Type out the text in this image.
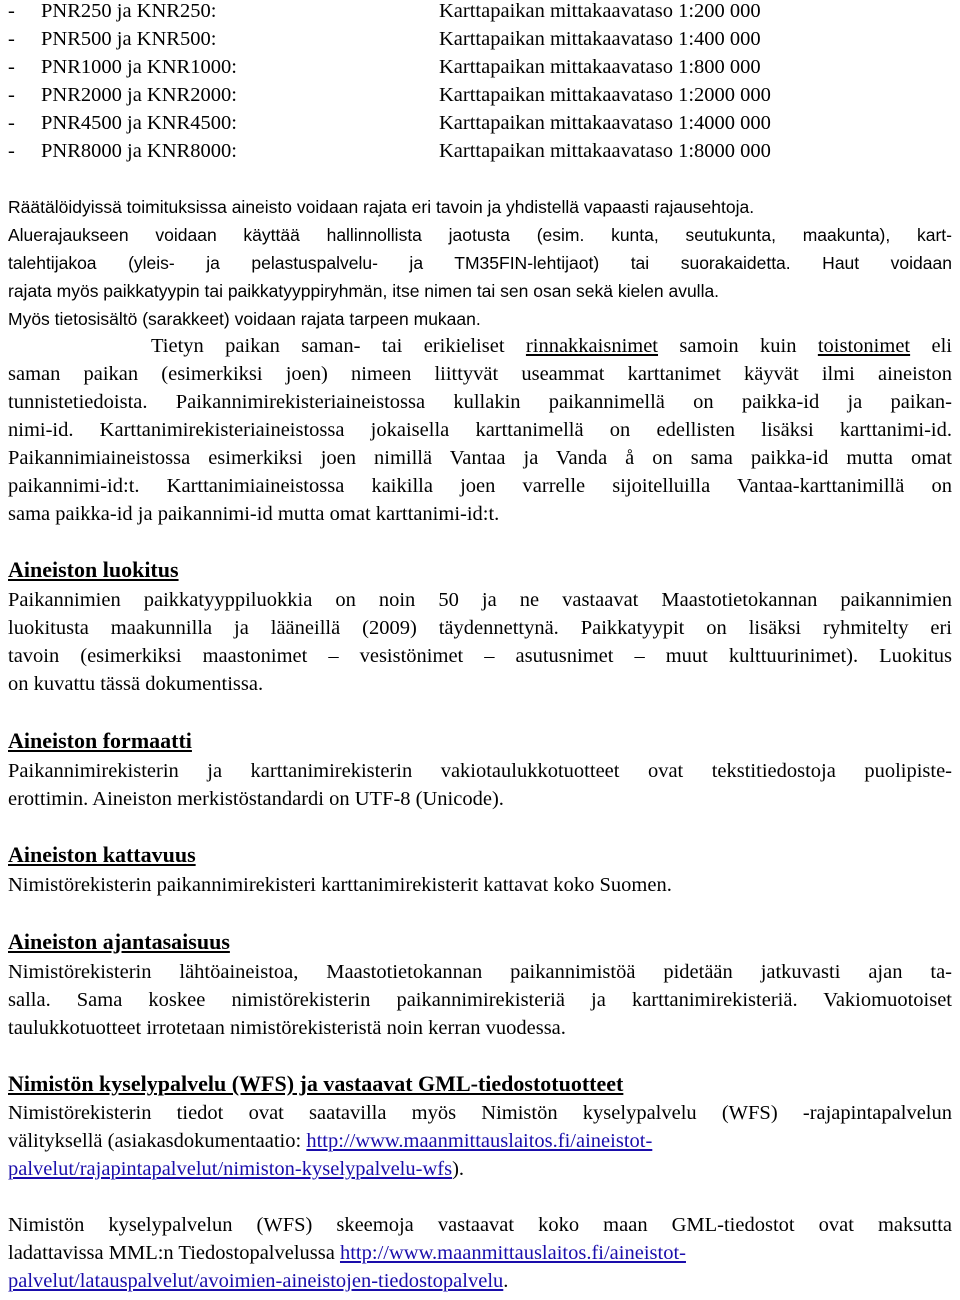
- PNR250 ja KNR250:	Karttapaikan mittakaavataso 1:200 000
- PNR500 ja KNR500:	Karttapaikan mittakaavataso 1:400 000
- PNR1000 ja KNR1000:	Karttapaikan mittakaavataso 1:800 000
- PNR2000 ja KNR2000:	Karttapaikan mittakaavataso 1:2000 000
- PNR4500 ja KNR4500:	Karttapaikan mittakaavataso 1:4000 000
- PNR8000 ja KNR8000:	Karttapaikan mittakaavataso 1:8000 000
Räätälöidyissä toimituksissa aineisto voidaan rajata eri tavoin ja yhdistellä vapaasti rajausehtoja.
Aluerajaukseen voidaan käyttää hallinnollista jaotusta (esim. kunta, seutukunta, maakunta), kart-
talehtijakoa (yleis- ja pelastuspalvelu- ja TM35FIN-lehtijaot) tai suorakaidetta. Haut voidaan
rajata myös paikkatyypin tai paikkatyyppiryhmän, itse nimen tai sen osan sekä kielen avulla.
Myös tietosisältö (sarakkeet) voidaan rajata tarpeen mukaan.
Tietyn paikan saman- tai erikieliset rinnakkaisnimet samoin kuin toistonimet eli
saman paikan (esimerkiksi joen) nimeen liittyvät useammat karttanimet käyvät ilmi aineiston
tunnistetiedoista. Paikannimirekisteriaineistossa kullakin paikannimellä on paikka-id ja paikan-
nimi-id. Karttanimirekisteriaineistossa jokaisella karttanimellä on edellisten lisäksi karttanimi-id.
Paikannimiaineistossa esimerkiksi joen nimillä Vantaa ja Vanda å on sama paikka-id mutta omat
paikannimi-id:t. Karttanimiaineistossa kaikilla joen varrelle sijoitelluilla Vantaa-karttanimillä on
sama paikka-id ja paikannimi-id mutta omat karttanimi-id:t.
Aineiston luokitus
Paikannimien paikkatyyppiluokkia on noin 50 ja ne vastaavat Maastotietokannan paikannimien
luokitusta maakunnilla ja lääneillä (2009) täydennettynä. Paikkatyypit on lisäksi ryhmitelty eri
tavoin (esimerkiksi maastonimet – vesistönimet – asutusnimet – muut kulttuurinimet). Luokitus
on kuvattu tässä dokumentissa.
Aineiston formaatti
Paikannimirekisterin ja karttanimirekisterin vakiotaulukkotuotteet ovat tekstitiedostoja puolipiste-
erottimin. Aineiston merkistöstandardi on UTF-8 (Unicode).
Aineiston kattavuus
Nimistörekisterin paikannimirekisteri karttanimirekisterit kattavat koko Suomen.
Aineiston ajantasaisuus
Nimistörekisterin lähtöaineistoa, Maastotietokannan paikannimistöä pidetään jatkuvasti ajan ta-
salla. Sama koskee nimistörekisterin paikannimirekisteriä ja karttanimirekisteriä. Vakiomuotoiset
taulukkotuotteet irrotetaan nimistörekisteristä noin kerran vuodessa.
Nimistön kyselypalvelu (WFS) ja vastaavat GML-tiedostotuotteet
Nimistörekisterin tiedot ovat saatavilla myös Nimistön kyselypalvelu (WFS) -rajapintapalvelun
välityksellä (asiakasdokumentaatio: http://www.maanmittauslaitos.fi/aineistot-
palvelut/rajapintapalvelut/nimiston-kyselypalvelu-wfs).
Nimistön kyselypalvelun (WFS) skeemoja vastaavat koko maan GML-tiedostot ovat maksutta
ladattavissa MML:n Tiedostopalvelussa http://www.maanmittauslaitos.fi/aineistot-
palvelut/latauspalvelut/avoimien-aineistojen-tiedostopalvelu.
